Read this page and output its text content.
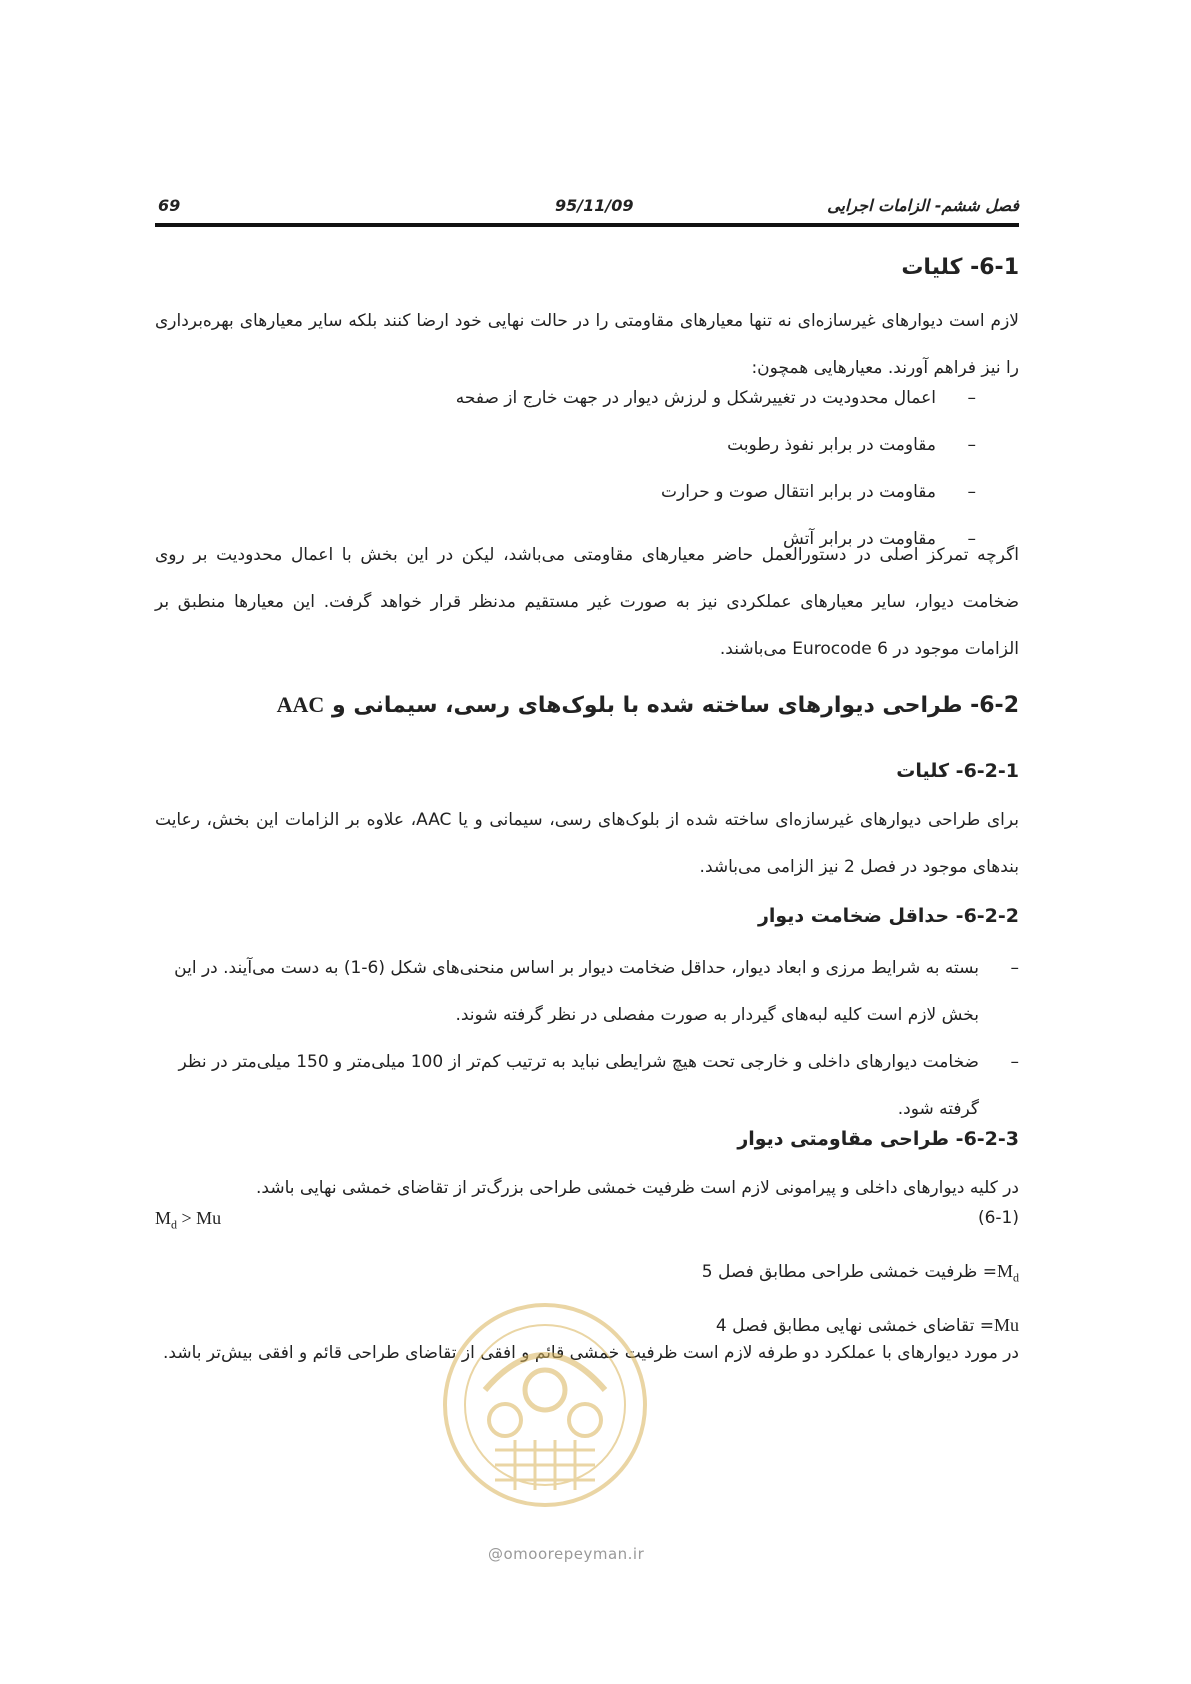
فصل ششم- الزامات اجرایی
95/11/09
69
6-1- کلیات
لازم است دیوارهای غیرسازه‌ای نه تنها معیارهای مقاومتی را در حالت نهایی خود ارضا کنند بلکه سایر معیارهای بهره‌برداری را نیز فراهم آورند. معیارهایی همچون:
–
اعمال محدودیت در تغییرشکل و لرزش دیوار در جهت خارج از صفحه
–
مقاومت در برابر نفوذ رطوبت
–
مقاومت در برابر انتقال صوت و حرارت
–
مقاومت در برابر آتش
اگرچه تمرکز اصلی در دستورالعمل حاضر معیارهای مقاومتی می‌باشد، لیکن در این بخش با اعمال محدودیت بر روی ضخامت دیوار، سایر معیارهای عملکردی نیز به صورت غیر مستقیم مدنظر قرار خواهد گرفت. این معیارها منطبق بر الزامات موجود در Eurocode 6 می‌باشند.
6-2- طراحی دیوارهای ساخته شده با بلوک‌های رسی، سیمانی و AAC
6-2-1- کلیات
برای طراحی دیوارهای غیرسازه‌ای ساخته شده از بلوک‌های رسی، سیمانی و یا AAC، علاوه بر الزامات این بخش، رعایت بندهای موجود در فصل 2 نیز الزامی می‌باشد.
6-2-2- حداقل ضخامت دیوار
–
بسته به شرایط مرزی و ابعاد دیوار، حداقل ضخامت دیوار بر اساس منحنی‌های شکل (6-1) به دست می‌آیند. در این بخش لازم است کلیه لبه‌های گیردار به صورت مفصلی در نظر گرفته شوند.
–
ضخامت دیوارهای داخلی و خارجی تحت هیچ شرایطی نباید به ترتیب کم‌تر از 100 میلی‌متر و 150 میلی‌متر در نظر گرفته شود.
6-2-3- طراحی مقاومتی دیوار
در کلیه دیوارهای داخلی و پیرامونی لازم است ظرفیت خمشی طراحی بزرگ‌تر از تقاضای خمشی نهایی باشد.
$M_d > Mu$	(6-1)
$M_d=$ ظرفیت خمشی طراحی مطابق فصل 5
Mu= تقاضای خمشی نهایی مطابق فصل 4
در مورد دیوارهای با عملکرد دو طرفه لازم است ظرفیت خمشی قائم و افقی از تقاضای طراحی قائم و افقی بیش‌تر باشد.
@omoorepeyman.ir
